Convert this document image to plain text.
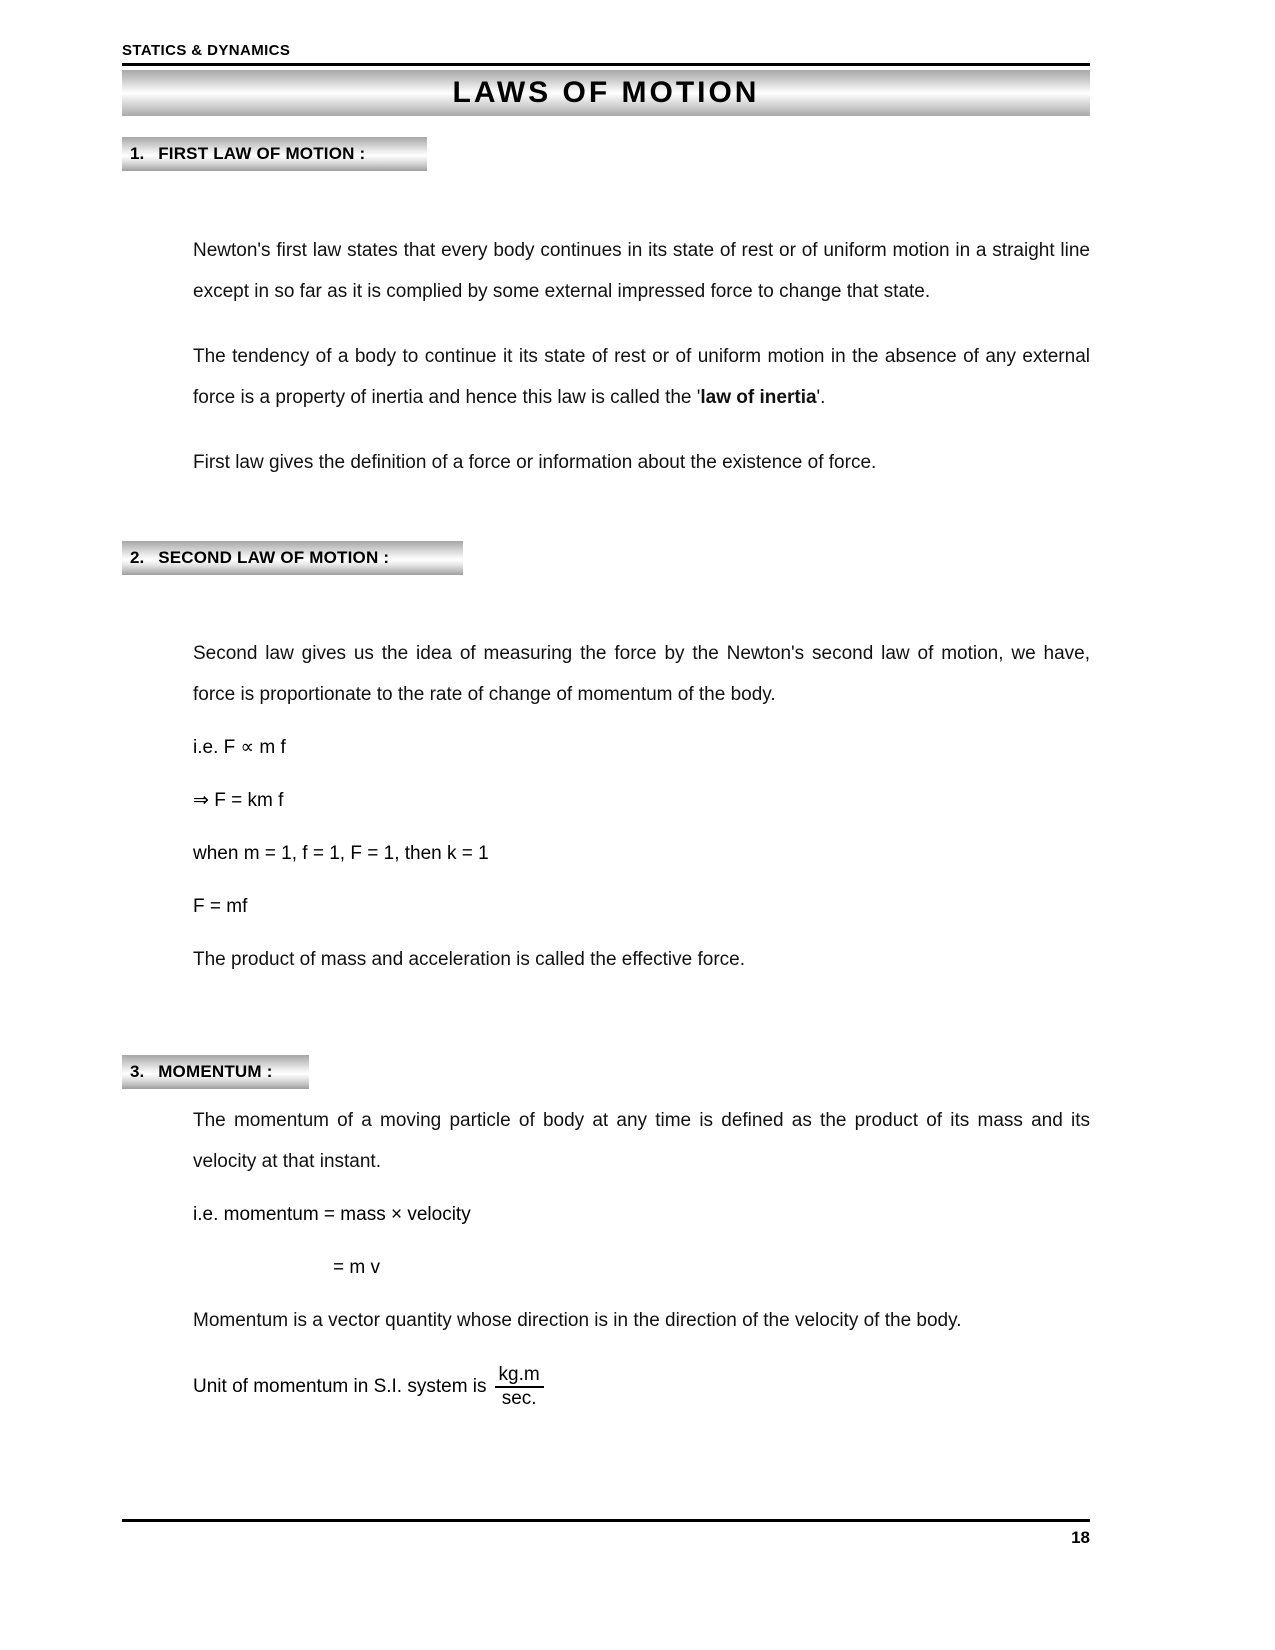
STATICS & DYNAMICS
LAWS OF MOTION
1. FIRST LAW OF MOTION :
Newton's first law states that every body continues in its state of rest or of uniform motion in a straight line except in so far as it is complied by some external impressed force to change that state.
The tendency of a body to continue it its state of rest or of uniform motion in the absence of any external force is a property of inertia and hence this law is called the 'law of inertia'.
First law gives the definition of a force or information about the existence of force.
2. SECOND LAW OF MOTION :
Second law gives us the idea of measuring the force by the Newton's second law of motion, we have, force is proportionate to the rate of change of momentum of the body.
i.e. F ∝ m f
⇒ F = km f
when m = 1, f = 1, F = 1, then k = 1
F = mf
The product of mass and acceleration is called the effective force.
3. MOMENTUM :
The momentum of a moving particle of body at any time is defined as the product of its mass and its velocity at that instant.
i.e. momentum = mass × velocity
= m v
Momentum is a vector quantity whose direction is in the direction of the velocity of the body.
Unit of momentum in S.I. system is $\frac{kg.m}{\sec.}$
18
